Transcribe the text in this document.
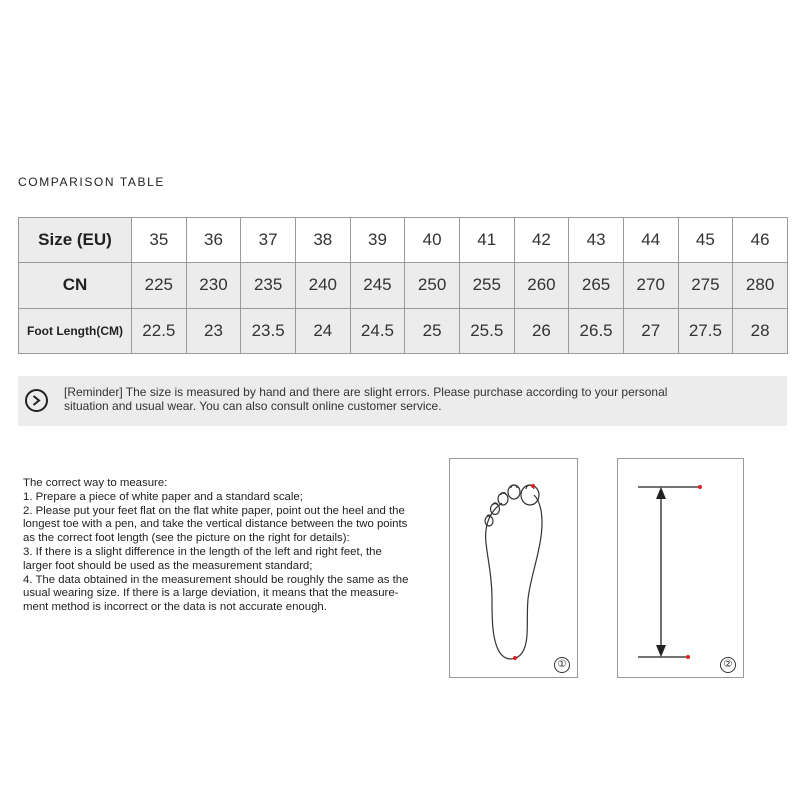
COMPARISON TABLE
Size (EU)	35	36	37	38	39	40	41	42	43	44	45	46
CN	225	230	235	240	245	250	255	260	265	270	275	280
Foot Length(CM)	22.5	23	23.5	24	24.5	25	25.5	26	26.5	27	27.5	28
[Reminder] The size is measured by hand and there are slight errors. Please purchase according to your personal
situation and usual wear. You can also consult online customer service.
The correct way to measure:
1. Prepare a piece of white paper and a standard scale;
2. Please put your feet flat on the flat white paper, point out the heel and the
longest toe with a pen, and take the vertical distance between the two points
as the correct foot length (see the picture on the right for details):
3. If there is a slight difference in the length of the left and right feet, the
larger foot should be used as the measurement standard;
4. The data obtained in the measurement should be roughly the same as the
usual wearing size. If there is a large deviation, it means that the measure-
ment method is incorrect or the data is not accurate enough.
①	②
